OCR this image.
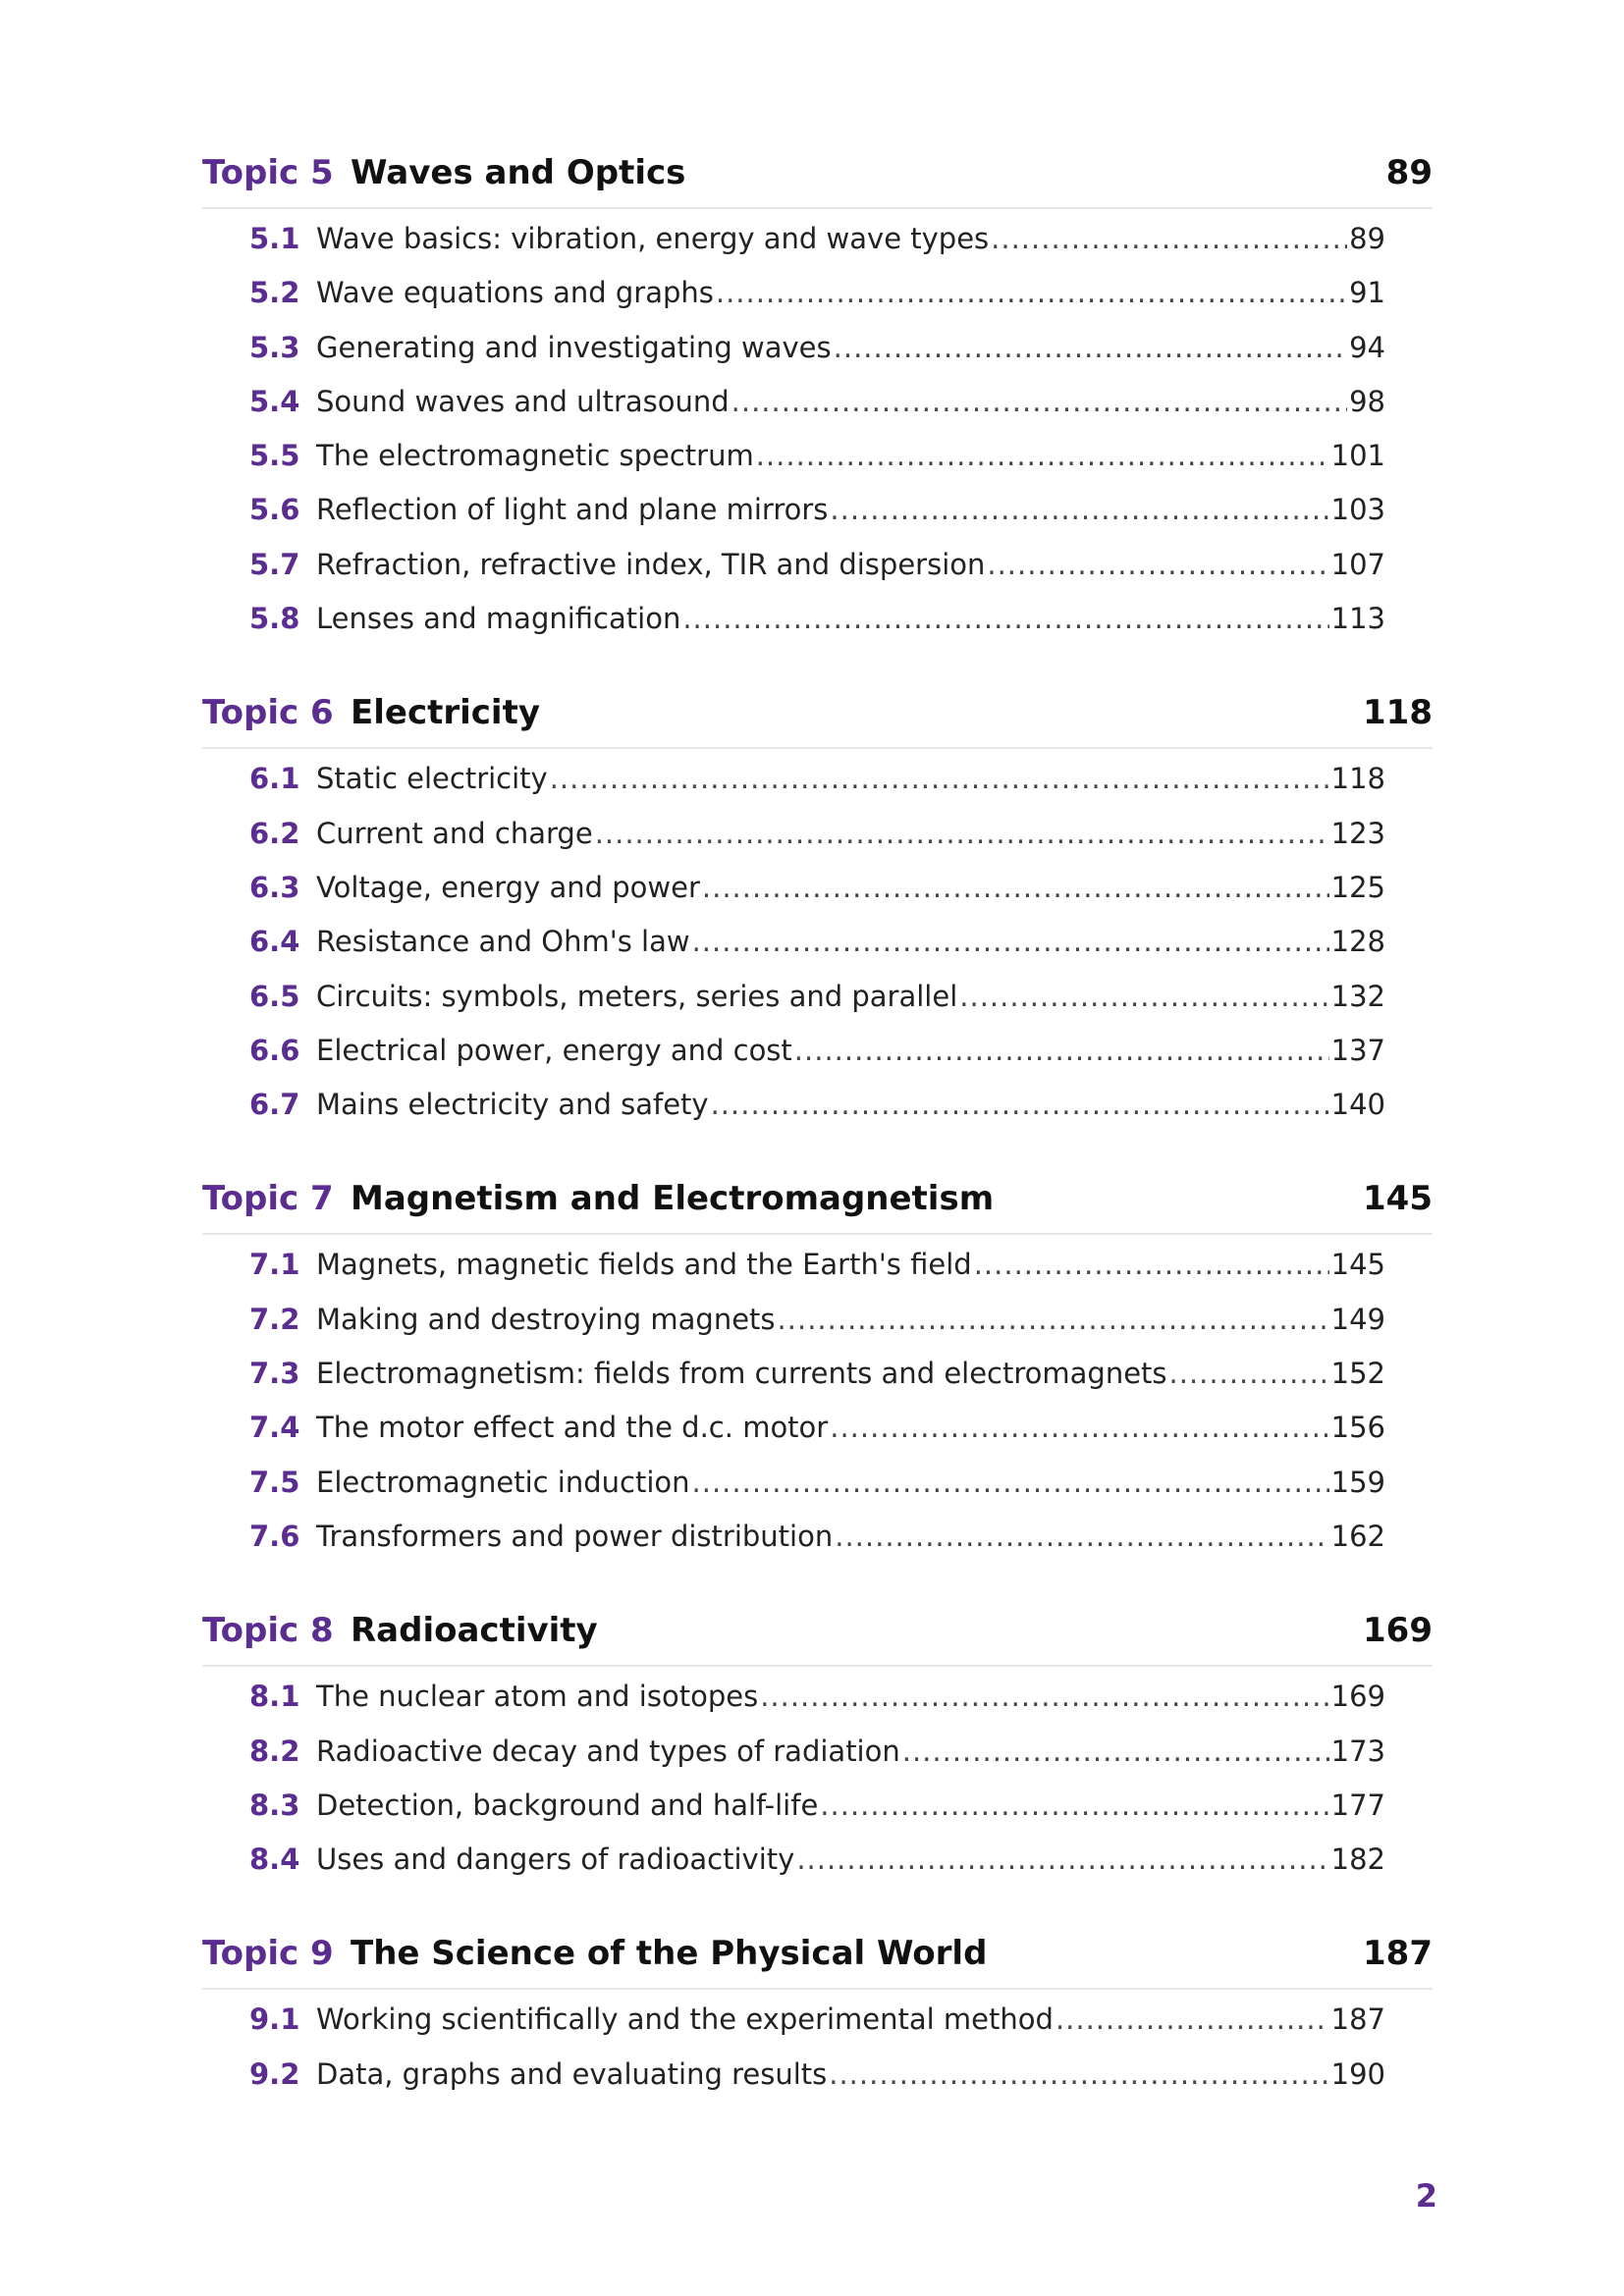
Topic 5 Waves and Optics	89
5.1 Wave basics: vibration, energy and wave types .....	89
5.2 Wave equations and graphs .....	91
5.3 Generating and investigating waves .....	94
5.4 Sound waves and ultrasound .....	98
5.5 The electromagnetic spectrum .....	101
5.6 Reflection of light and plane mirrors .....	103
5.7 Refraction, refractive index, TIR and dispersion .....	107
5.8 Lenses and magnification .....	113
Topic 6 Electricity	118
6.1 Static electricity .....	118
6.2 Current and charge .....	123
6.3 Voltage, energy and power .....	125
6.4 Resistance and Ohm's law .....	128
6.5 Circuits: symbols, meters, series and parallel .....	132
6.6 Electrical power, energy and cost .....	137
6.7 Mains electricity and safety .....	140
Topic 7 Magnetism and Electromagnetism	145
7.1 Magnets, magnetic fields and the Earth's field .....	145
7.2 Making and destroying magnets .....	149
7.3 Electromagnetism: fields from currents and electromagnets .....	152
7.4 The motor effect and the d.c. motor .....	156
7.5 Electromagnetic induction .....	159
7.6 Transformers and power distribution .....	162
Topic 8 Radioactivity	169
8.1 The nuclear atom and isotopes .....	169
8.2 Radioactive decay and types of radiation .....	173
8.3 Detection, background and half-life .....	177
8.4 Uses and dangers of radioactivity .....	182
Topic 9 The Science of the Physical World	187
9.1 Working scientifically and the experimental method .....	187
9.2 Data, graphs and evaluating results .....	190
2
